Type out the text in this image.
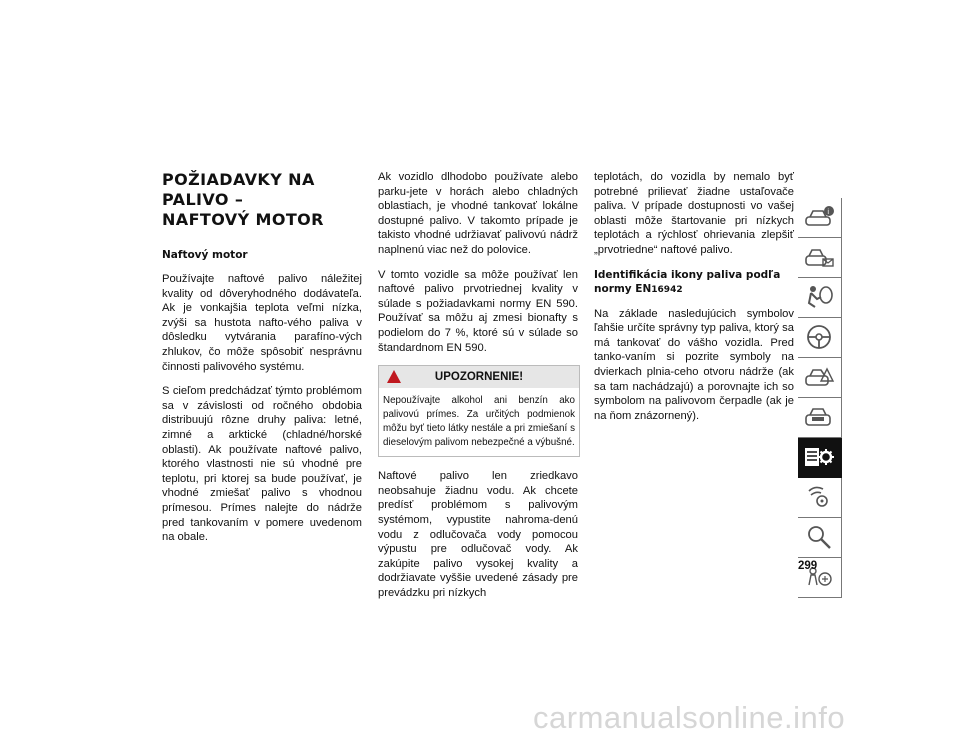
POŽIADAVKY NA PALIVO –
NAFTOVÝ MOTOR
Naftový motor

Používajte naftové palivo náležitej kvality od dôveryhodného dodávateľa. Ak je vonkajšia teplota veľmi nízka, zvýši sa hustota nafto-vého paliva v dôsledku vytvárania parafíno-vých zhlukov, čo môže spôsobiť nesprávnu činnosti palivového systému.

S cieľom predchádzať týmto problémom sa v závislosti od ročného obdobia distribuujú rôzne druhy paliva: letné, zimné a arktické (chladné/horské oblasti). Ak používate naftové palivo, ktorého vlastnosti nie sú vhodné pre teplotu, pri ktorej sa bude používať, je vhodné zmiešať palivo s vhodnou prímesou. Prímes nalejte do nádrže pred tankovaním v pomere uvedenom na obale.

Ak vozidlo dlhodobo používate alebo parku-jete v horách alebo chladných oblastiach, je vhodné tankovať lokálne dostupné palivo. V takomto prípade je takisto vhodné udržiavať palivovú nádrž naplnenú viac než do polovice.

V tomto vozidle sa môže používať len naftové palivo prvotriednej kvality v súlade s požiadavkami normy EN 590. Používať sa môžu aj zmesi bionafty s podielom do 7 %, ktoré sú v súlade so štandardnom EN 590.

UPOZORNENIE!
Nepoužívajte alkohol ani benzín ako palivovú prímes. Za určitých podmienok môžu byť tieto látky nestále a pri zmiešaní s dieselovým palivom nebezpečné a výbušné.

Naftové palivo len zriedkavo neobsahuje žiadnu vodu. Ak chcete predísť problémom s palivovým systémom, vypustite nahroma-denú vodu z odlučovača vody pomocou výpustu pre odlučovač vody. Ak zakúpite palivo vysokej kvality a dodržiavate vyššie uvedené zásady pre prevádzku pri nízkych

teplotách, do vozidla by nemalo byť potrebné prilievať žiadne ustaľovače paliva. V prípade dostupnosti vo vašej oblasti môže štartovanie pri nízkych teplotách a rýchlosť ohrievania zlepšiť „prvotriedne“ naftové palivo.

Identifikácia ikony paliva podľa normy EN16942

Na základe nasledujúcich symbolov ľahšie určíte správny typ paliva, ktorý sa má tankovať do vášho vozidla. Pred tanko-vaním si pozrite symboly na dvierkach plnia-ceho otvoru nádrže (ak sa tam nachádzajú) a porovnajte ich so symbolom na palivovom čerpadle (ak je na ňom znázornený).

i
299
carmanualsonline.info
